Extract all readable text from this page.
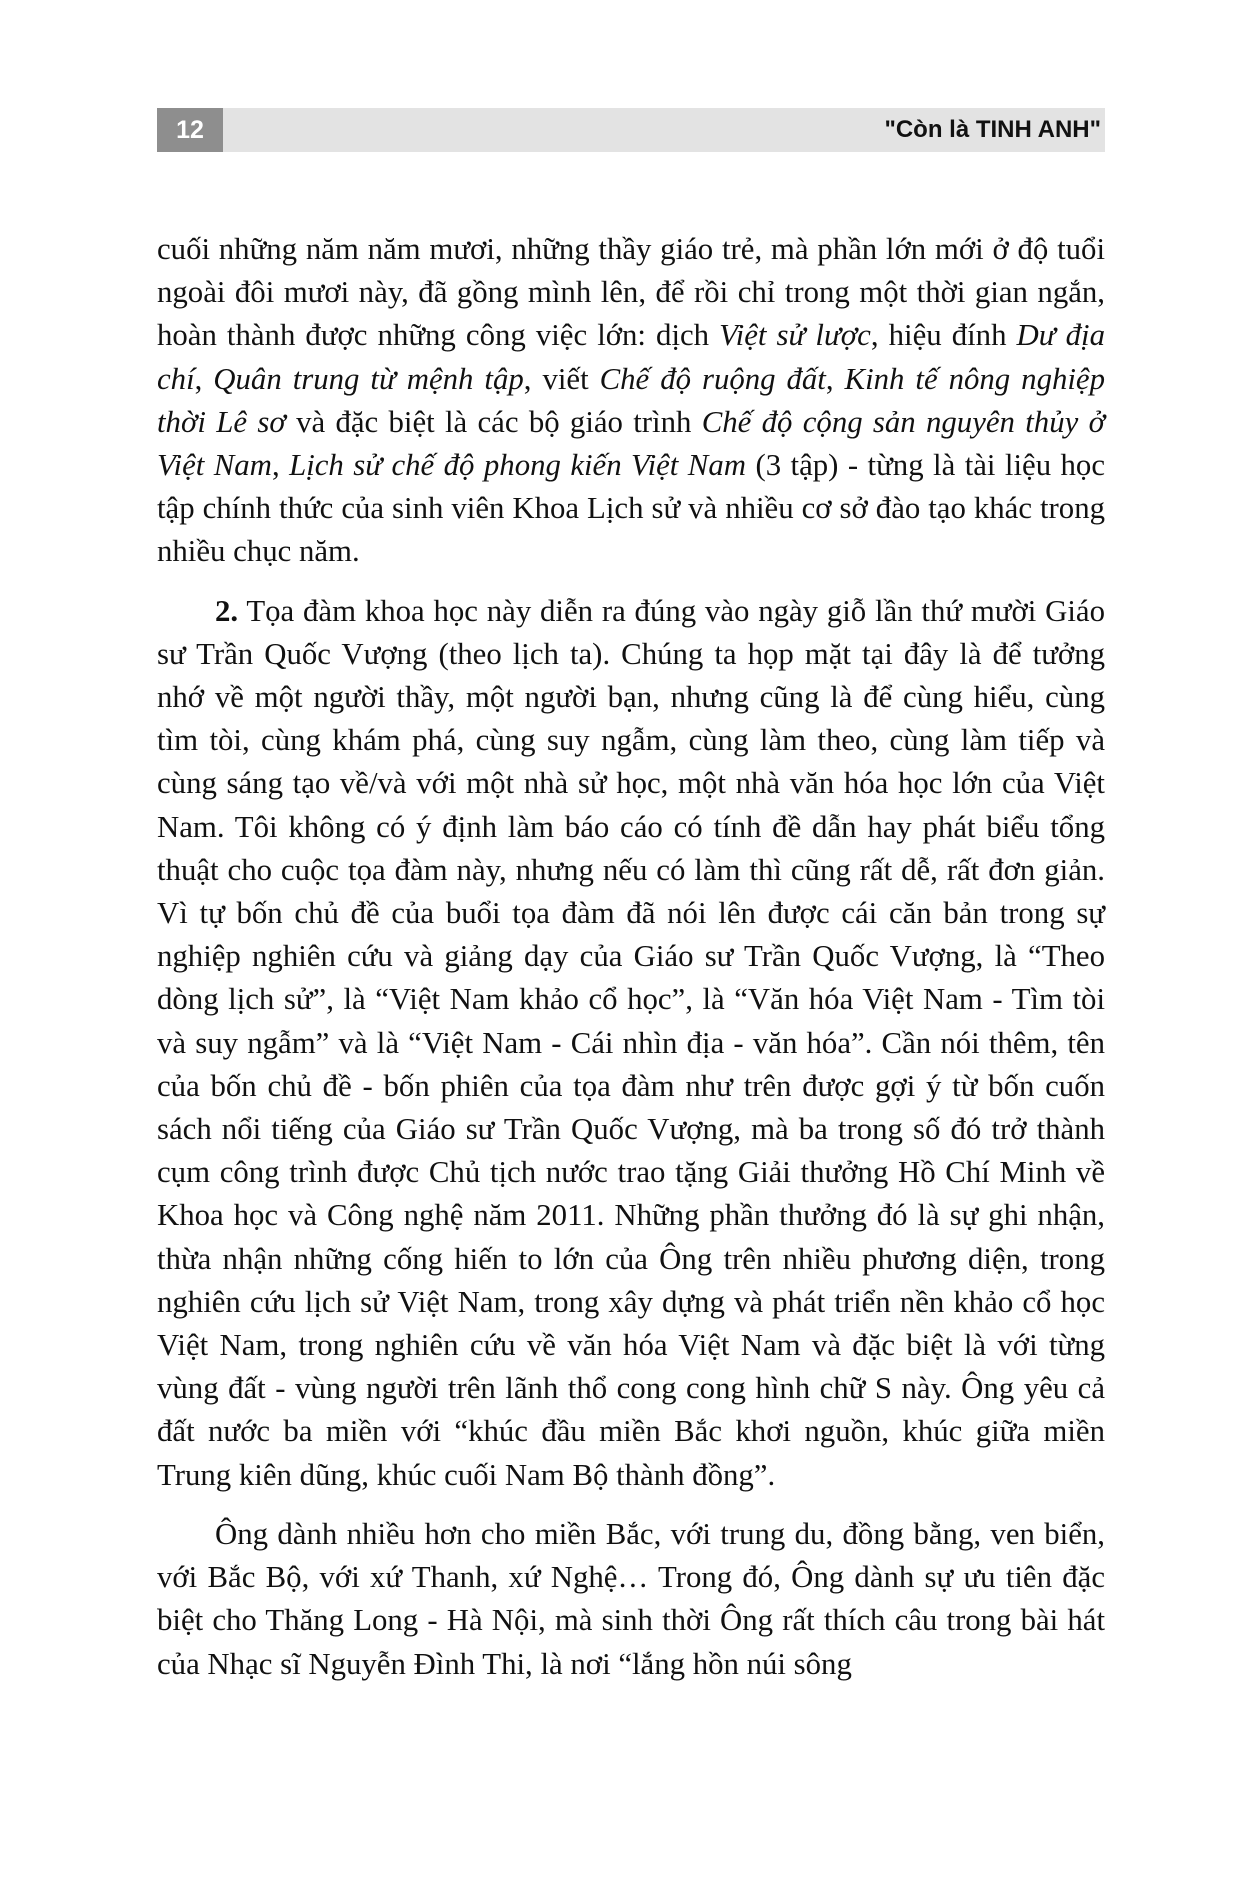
12	"Còn là TINH ANH"

cuối những năm năm mươi, những thầy giáo trẻ, mà phần lớn mới ở độ tuổi ngoài đôi mươi này, đã gồng mình lên, để rồi chỉ trong một thời gian ngắn, hoàn thành được những công việc lớn: dịch Việt sử lược, hiệu đính Dư địa chí, Quân trung từ mệnh tập, viết Chế độ ruộng đất, Kinh tế nông nghiệp thời Lê sơ và đặc biệt là các bộ giáo trình Chế độ cộng sản nguyên thủy ở Việt Nam, Lịch sử chế độ phong kiến Việt Nam (3 tập) - từng là tài liệu học tập chính thức của sinh viên Khoa Lịch sử và nhiều cơ sở đào tạo khác trong nhiều chục năm.

2. Tọa đàm khoa học này diễn ra đúng vào ngày giỗ lần thứ mười Giáo sư Trần Quốc Vượng (theo lịch ta). Chúng ta họp mặt tại đây là để tưởng nhớ về một người thầy, một người bạn, nhưng cũng là để cùng hiểu, cùng tìm tòi, cùng khám phá, cùng suy ngẫm, cùng làm theo, cùng làm tiếp và cùng sáng tạo về/và với một nhà sử học, một nhà văn hóa học lớn của Việt Nam. Tôi không có ý định làm báo cáo có tính đề dẫn hay phát biểu tổng thuật cho cuộc tọa đàm này, nhưng nếu có làm thì cũng rất dễ, rất đơn giản. Vì tự bốn chủ đề của buổi tọa đàm đã nói lên được cái căn bản trong sự nghiệp nghiên cứu và giảng dạy của Giáo sư Trần Quốc Vượng, là “Theo dòng lịch sử”, là “Việt Nam khảo cổ học”, là “Văn hóa Việt Nam - Tìm tòi và suy ngẫm” và là “Việt Nam - Cái nhìn địa - văn hóa”. Cần nói thêm, tên của bốn chủ đề - bốn phiên của tọa đàm như trên được gợi ý từ bốn cuốn sách nổi tiếng của Giáo sư Trần Quốc Vượng, mà ba trong số đó trở thành cụm công trình được Chủ tịch nước trao tặng Giải thưởng Hồ Chí Minh về Khoa học và Công nghệ năm 2011. Những phần thưởng đó là sự ghi nhận, thừa nhận những cống hiến to lớn của Ông trên nhiều phương diện, trong nghiên cứu lịch sử Việt Nam, trong xây dựng và phát triển nền khảo cổ học Việt Nam, trong nghiên cứu về văn hóa Việt Nam và đặc biệt là với từng vùng đất - vùng người trên lãnh thổ cong cong hình chữ S này. Ông yêu cả đất nước ba miền với “khúc đầu miền Bắc khơi nguồn, khúc giữa miền Trung kiên dũng, khúc cuối Nam Bộ thành đồng”.

Ông dành nhiều hơn cho miền Bắc, với trung du, đồng bằng, ven biển, với Bắc Bộ, với xứ Thanh, xứ Nghệ… Trong đó, Ông dành sự ưu tiên đặc biệt cho Thăng Long - Hà Nội, mà sinh thời Ông rất thích câu trong bài hát của Nhạc sĩ Nguyễn Đình Thi, là nơi “lắng hồn núi sông
